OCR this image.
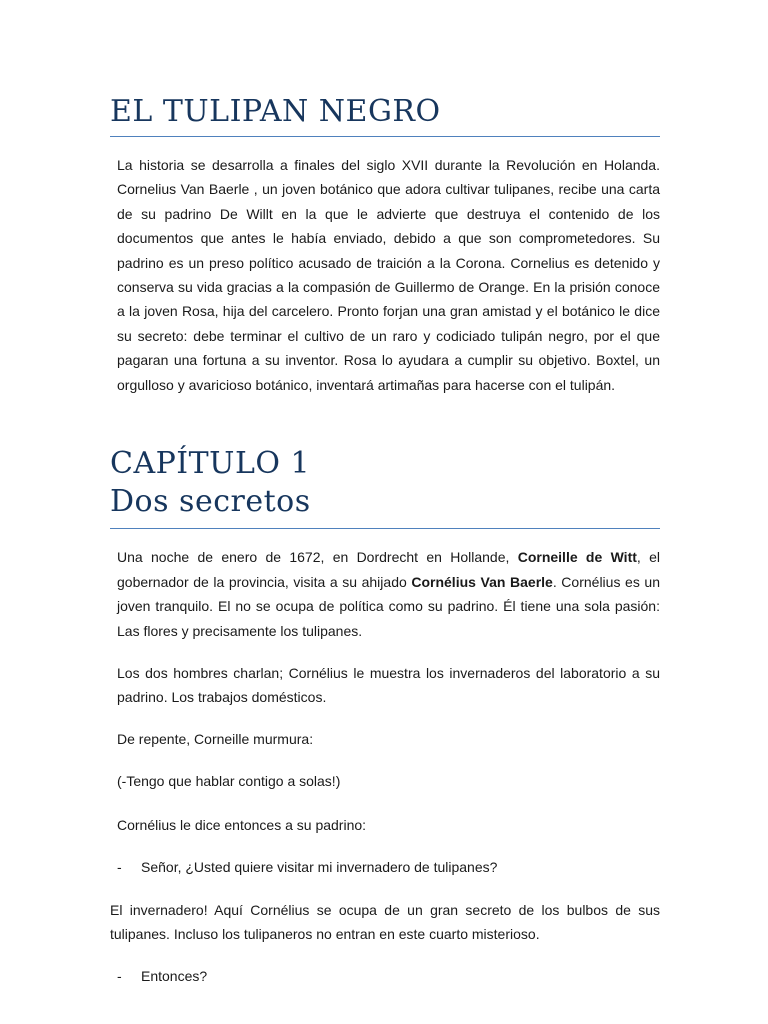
EL TULIPAN NEGRO

La historia se desarrolla a finales del siglo XVII durante la Revolución en Holanda. Cornelius Van Baerle , un joven botánico que adora cultivar tulipanes, recibe una carta de su padrino De Willt en la que le advierte que destruya el contenido de los documentos que antes le había enviado, debido a que son comprometedores. Su padrino es un preso político acusado de traición a la Corona. Cornelius es detenido y conserva su vida gracias a la compasión de Guillermo de Orange. En la prisión conoce a la joven Rosa, hija del carcelero. Pronto forjan una gran amistad y el botánico le dice su secreto: debe terminar el cultivo de un raro y codiciado tulipán negro, por el que pagaran una fortuna a su inventor. Rosa lo ayudara a cumplir su objetivo. Boxtel, un orgulloso y avaricioso botánico, inventará artimañas para hacerse con el tulipán.

CAPÍTULO 1
Dos secretos

Una noche de enero de 1672, en Dordrecht en Hollande, Corneille de Witt, el gobernador de la provincia, visita a su ahijado Cornélius Van Baerle. Cornélius es un joven tranquilo. El no se ocupa de política como su padrino. Él tiene una sola pasión: Las flores y precisamente los tulipanes.

Los dos hombres charlan; Cornélius le muestra los invernaderos del laboratorio a su padrino. Los trabajos domésticos.

De repente, Corneille murmura:

(-Tengo que hablar contigo a solas!)

Cornélius le dice entonces a su padrino:

- Señor, ¿Usted quiere visitar mi invernadero de tulipanes?

El invernadero! Aquí Cornélius se ocupa de un gran secreto de los bulbos de sus tulipanes. Incluso los tulipaneros no entran en este cuarto misterioso.

- Entonces?
